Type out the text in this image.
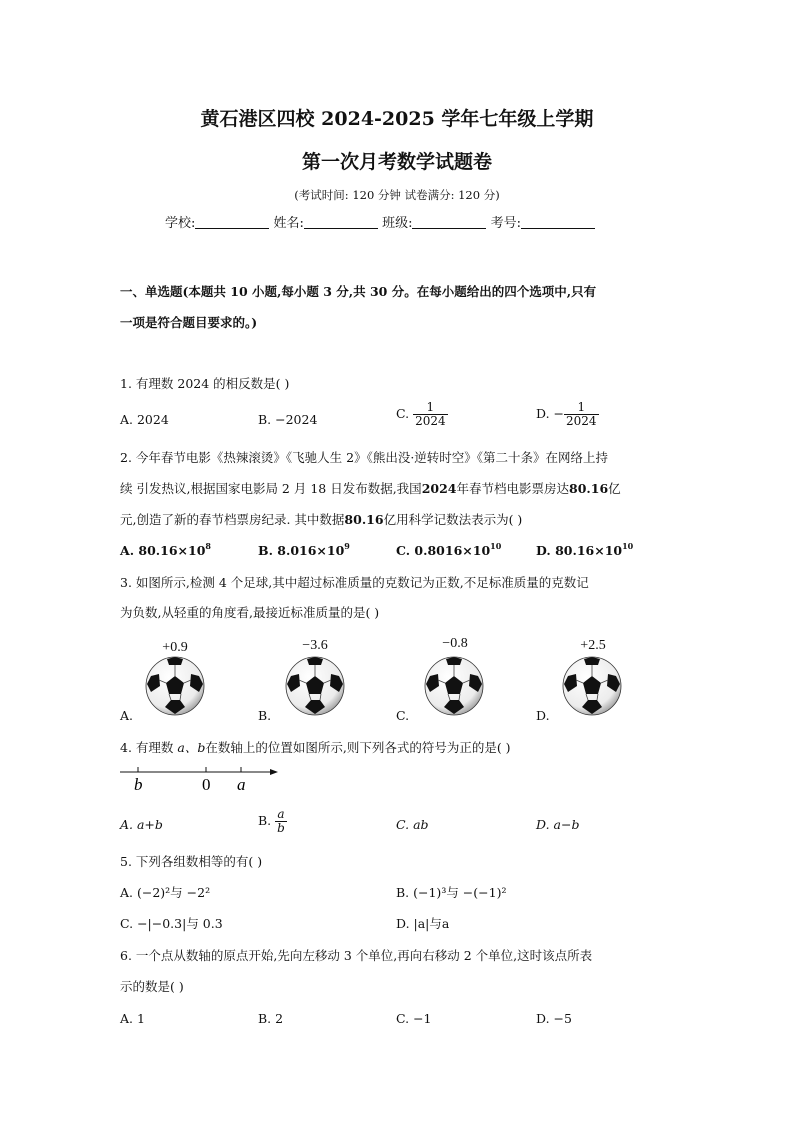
黄石港区四校 2024-2025 学年七年级上学期
第一次月考数学试题卷
(考试时间: 120 分钟 试卷满分: 120 分)
学校:	姓名:	班级:	考号:
一、单选题(本题共 10 小题,每小题 3 分,共 30 分。在每小题给出的四个选项中,只有
一项是符合题目要求的。)
1. 有理数 2024 的相反数是( )
A. 2024	B. −2024	C. $\frac{1}{2024}$	D. − $\frac{1}{2024}$
2. 今年春节电影《热辣滚烫》《飞驰人生 2》《熊出没·逆转时空》《第二十条》在网络上持
续 引发热议,根据国家电影局 2 月 18 日发布数据,我国2024年春节档电影票房达80.16亿
元,创造了新的春节档票房纪录. 其中数据80.16亿用科学记数法表示为( )
A. $80.16\times 10^8$	B. $8.016\times 10^9$	C. $0.8016\times 10^{10}$	D. $80.16\times 10^{10}$
3. 如图所示,检测 4 个足球,其中超过标准质量的克数记为正数,不足标准质量的克数记
为负数,从轻重的角度看,最接近标准质量的是( )
+0.9
A.
−3.6
B.
−0.8
C.
+2.5
D.
4. 有理数 a、b在数轴上的位置如图所示,则下列各式的符号为正的是( )
b	0 a
A. a+b	B. $\frac{a}{b}$	C. ab	D. a−b
5. 下列各组数相等的有( )
A. (−2)²与 −2²	B. (−1)³与 −(−1)²
C. −|−0.3|与 0.3	D. |a|与a
6. 一个点从数轴的原点开始,先向左移动 3 个单位,再向右移动 2 个单位,这时该点所表
示的数是( )
A. 1	B. 2	C. −1	D. −5
